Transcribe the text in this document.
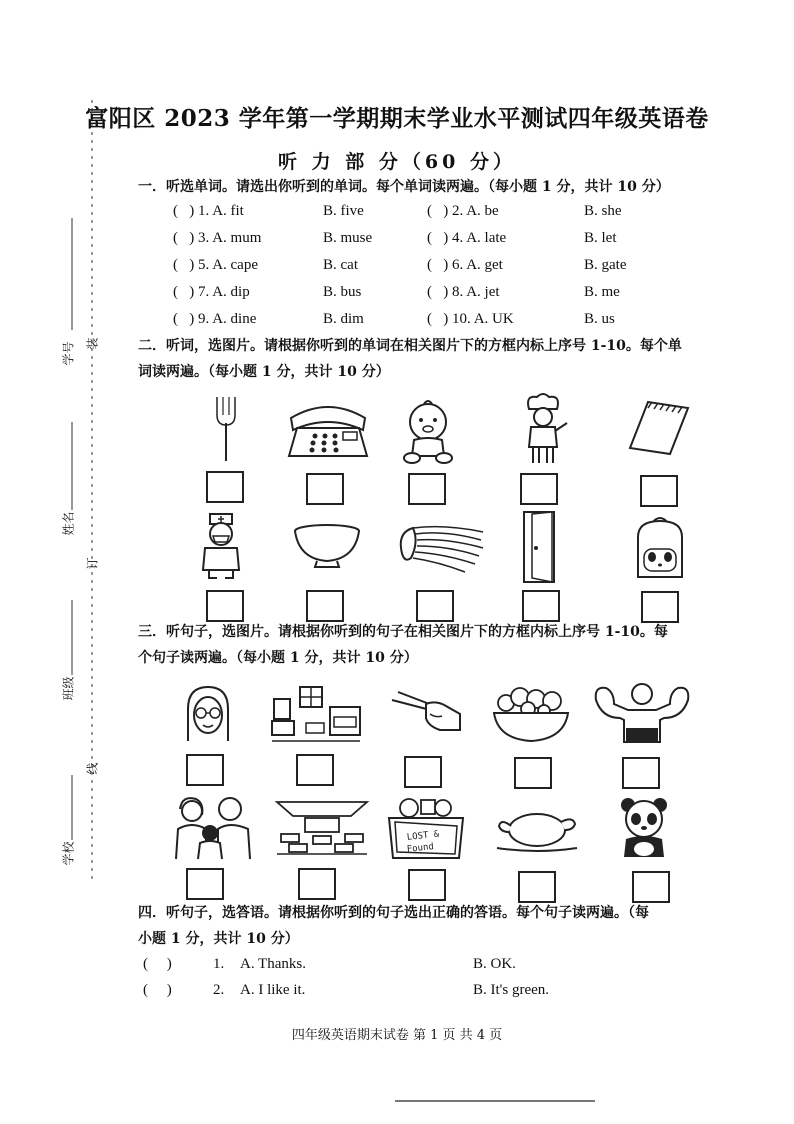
学号
姓名
班级
学校
装
订
线
富阳区 2023 学年第一学期期末学业水平测试四年级英语卷
听 力 部 分（60 分）
一．听选单词。请选出你听到的单词。每个单词读两遍。（每小题 1 分，共计 10 分）
(   ) 1. A. fit	B. five	(   ) 2. A. be	B. she
(   ) 3. A. mum	B. muse	(   ) 4. A. late	B. let
(   ) 5. A. cape	B. cat	(   ) 6. A. get	B. gate
(   ) 7. A. dip	B. bus	(   ) 8. A. jet	B. me
(   ) 9. A. dine	B. dim	(   ) 10. A. UK	B. us
二．听词，选图片。请根据你听到的单词在相关图片下的方框内标上序号 1-10。每个单
词读两遍。（每小题 1 分，共计 10 分）
三．听句子，选图片。请根据你听到的句子在相关图片下的方框内标上序号 1-10。每
个句子读两遍。（每小题 1 分，共计 10 分）
LOST &
Found
四．听句子，选答语。请根据你听到的句子选出正确的答语。每个句子读两遍。（每
小题 1 分，共计 10 分）
(     )	1. A. Thanks.	B. OK.
(     )	2. A. I like it.	B. It's green.
四年级英语期末试卷 第 1 页 共 4 页
